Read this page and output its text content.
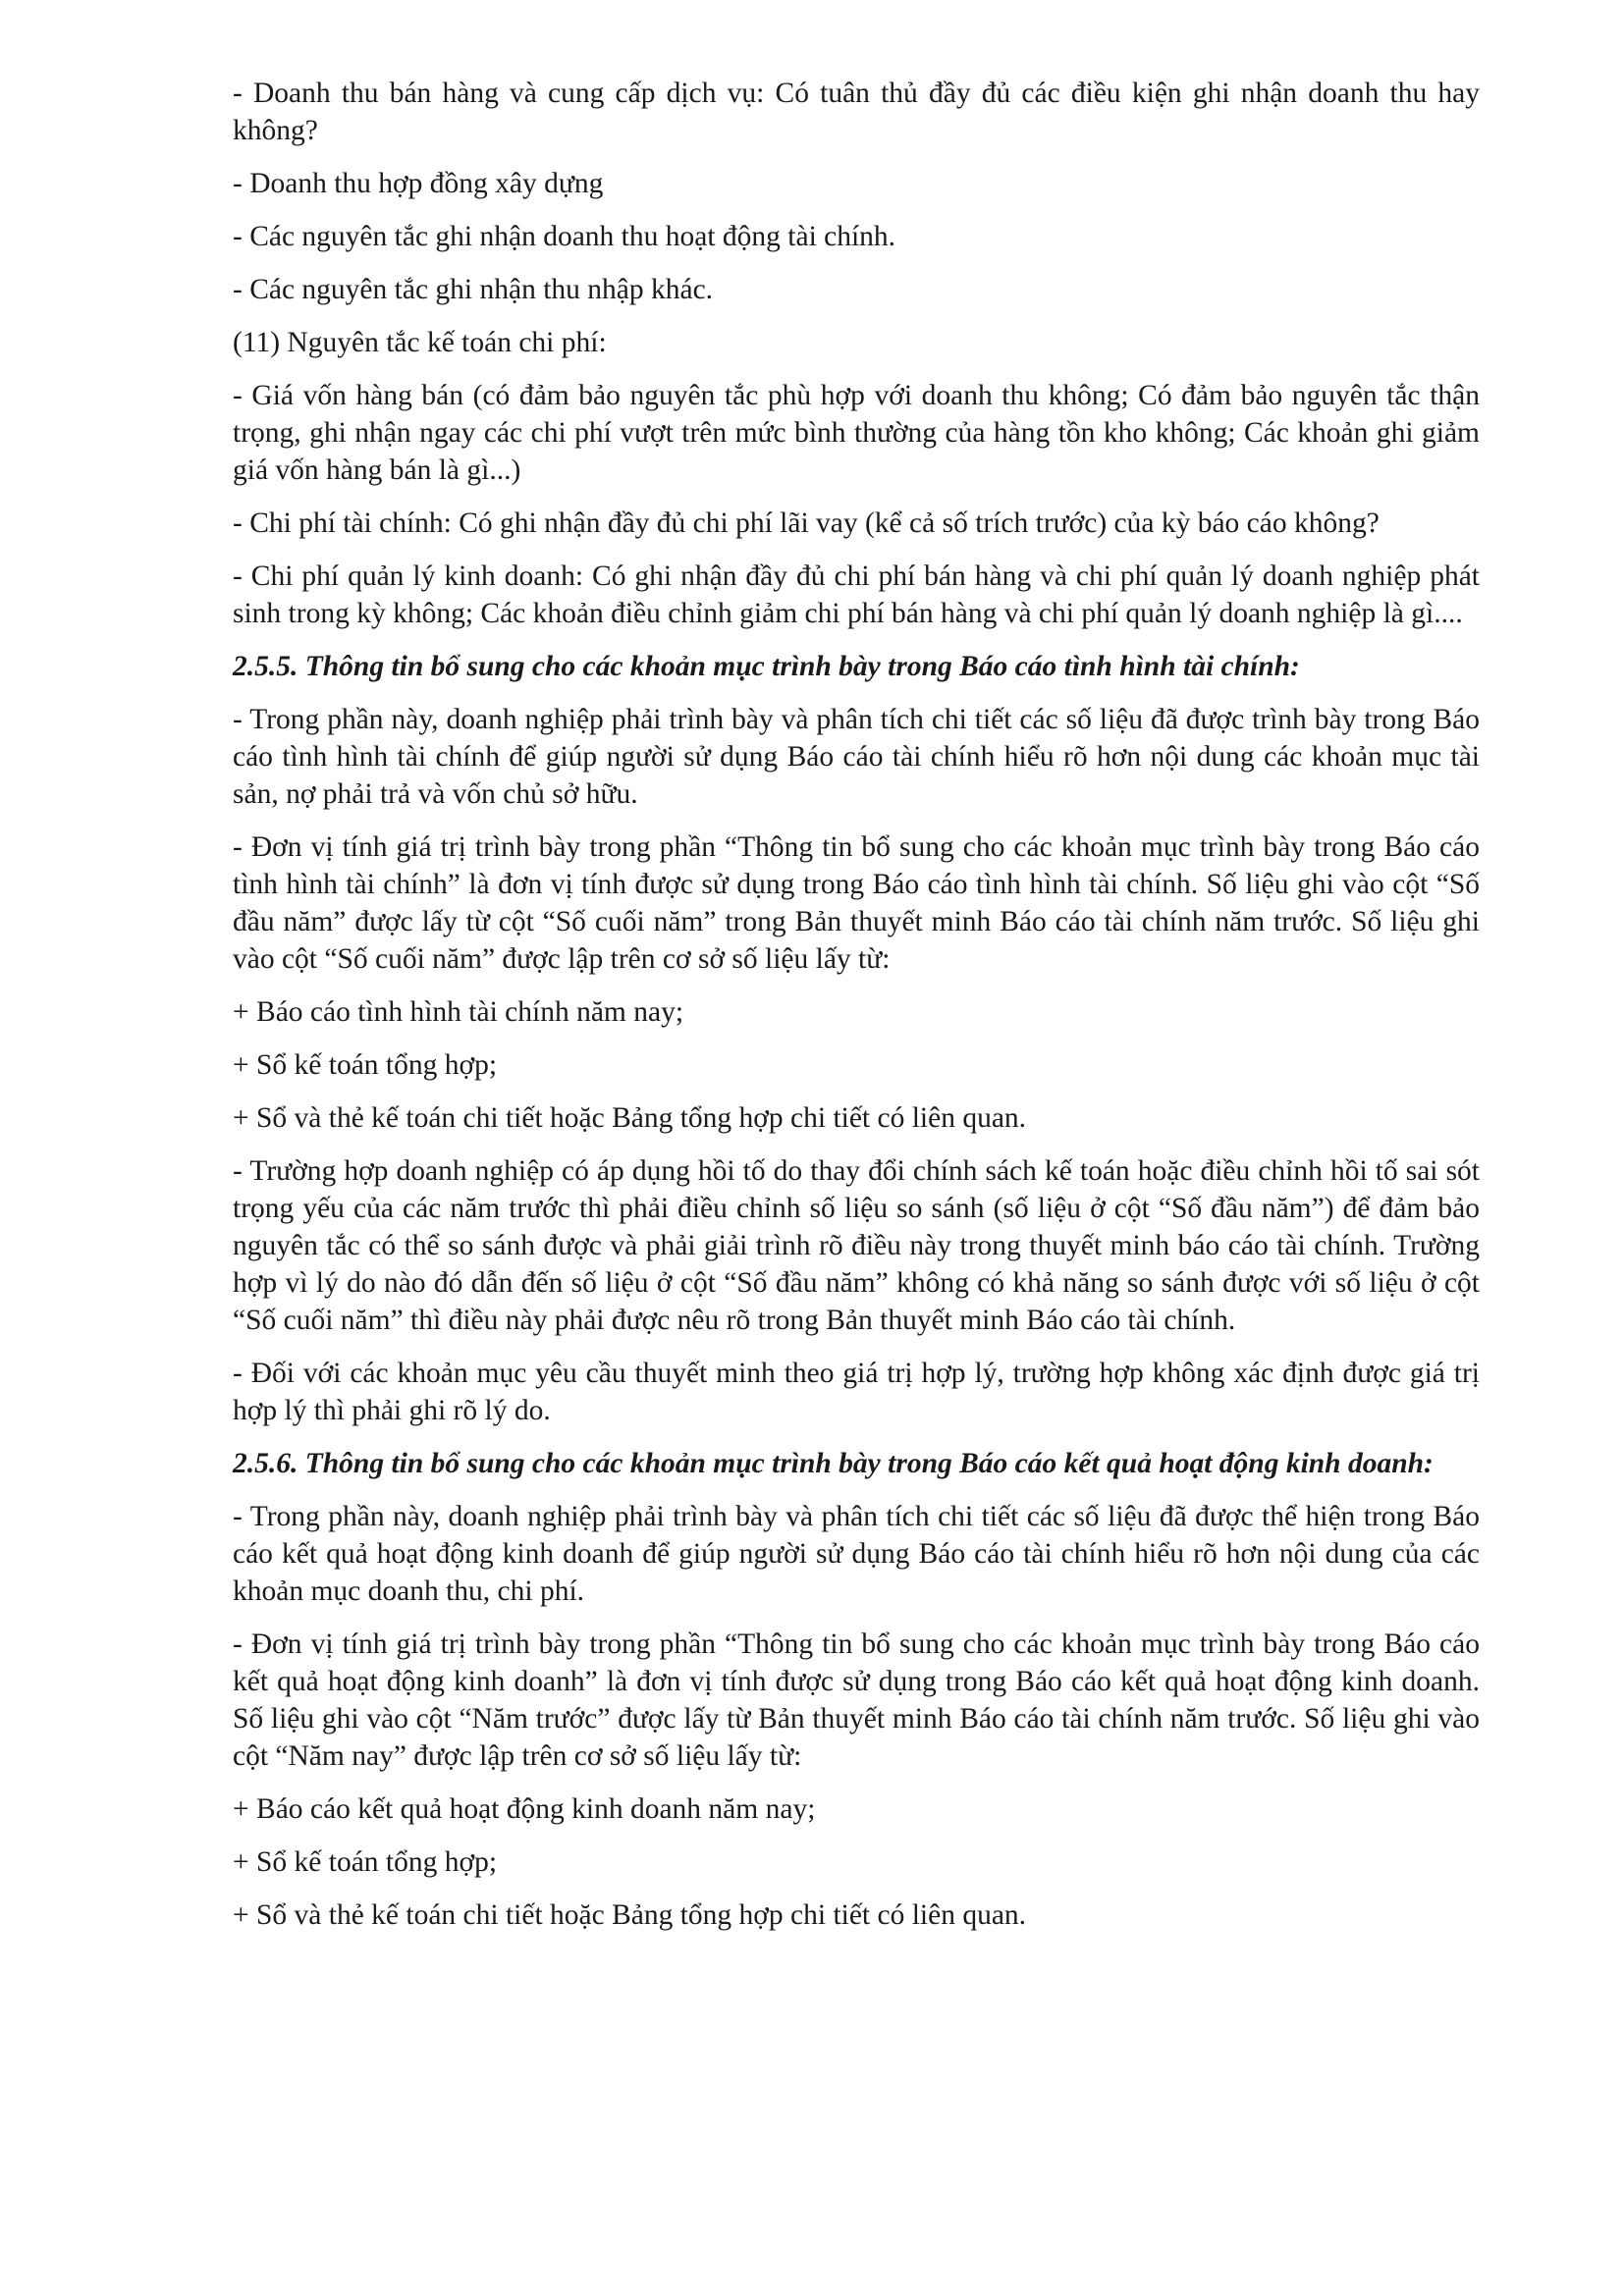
- Doanh thu bán hàng và cung cấp dịch vụ: Có tuân thủ đầy đủ các điều kiện ghi nhận doanh thu hay không?

- Doanh thu hợp đồng xây dựng

- Các nguyên tắc ghi nhận doanh thu hoạt động tài chính.

- Các nguyên tắc ghi nhận thu nhập khác.

(11) Nguyên tắc kế toán chi phí:

- Giá vốn hàng bán (có đảm bảo nguyên tắc phù hợp với doanh thu không; Có đảm bảo nguyên tắc thận trọng, ghi nhận ngay các chi phí vượt trên mức bình thường của hàng tồn kho không; Các khoản ghi giảm giá vốn hàng bán là gì...)

- Chi phí tài chính: Có ghi nhận đầy đủ chi phí lãi vay (kể cả số trích trước) của kỳ báo cáo không?

- Chi phí quản lý kinh doanh: Có ghi nhận đầy đủ chi phí bán hàng và chi phí quản lý doanh nghiệp phát sinh trong kỳ không; Các khoản điều chỉnh giảm chi phí bán hàng và chi phí quản lý doanh nghiệp là gì....

2.5.5. Thông tin bổ sung cho các khoản mục trình bày trong Báo cáo tình hình tài chính:

- Trong phần này, doanh nghiệp phải trình bày và phân tích chi tiết các số liệu đã được trình bày trong Báo cáo tình hình tài chính để giúp người sử dụng Báo cáo tài chính hiểu rõ hơn nội dung các khoản mục tài sản, nợ phải trả và vốn chủ sở hữu.

- Đơn vị tính giá trị trình bày trong phần “Thông tin bổ sung cho các khoản mục trình bày trong Báo cáo tình hình tài chính” là đơn vị tính được sử dụng trong Báo cáo tình hình tài chính. Số liệu ghi vào cột “Số đầu năm” được lấy từ cột “Số cuối năm” trong Bản thuyết minh Báo cáo tài chính năm trước. Số liệu ghi vào cột “Số cuối năm” được lập trên cơ sở số liệu lấy từ:

+ Báo cáo tình hình tài chính năm nay;

+ Sổ kế toán tổng hợp;

+ Sổ và thẻ kế toán chi tiết hoặc Bảng tổng hợp chi tiết có liên quan.

- Trường hợp doanh nghiệp có áp dụng hồi tố do thay đổi chính sách kế toán hoặc điều chỉnh hồi tố sai sót trọng yếu của các năm trước thì phải điều chỉnh số liệu so sánh (số liệu ở cột “Số đầu năm”) để đảm bảo nguyên tắc có thể so sánh được và phải giải trình rõ điều này trong thuyết minh báo cáo tài chính. Trường hợp vì lý do nào đó dẫn đến số liệu ở cột “Số đầu năm” không có khả năng so sánh được với số liệu ở cột “Số cuối năm” thì điều này phải được nêu rõ trong Bản thuyết minh Báo cáo tài chính.

- Đối với các khoản mục yêu cầu thuyết minh theo giá trị hợp lý, trường hợp không xác định được giá trị hợp lý thì phải ghi rõ lý do.

2.5.6. Thông tin bổ sung cho các khoản mục trình bày trong Báo cáo kết quả hoạt động kinh doanh:

- Trong phần này, doanh nghiệp phải trình bày và phân tích chi tiết các số liệu đã được thể hiện trong Báo cáo kết quả hoạt động kinh doanh để giúp người sử dụng Báo cáo tài chính hiểu rõ hơn nội dung của các khoản mục doanh thu, chi phí.

- Đơn vị tính giá trị trình bày trong phần “Thông tin bổ sung cho các khoản mục trình bày trong Báo cáo kết quả hoạt động kinh doanh” là đơn vị tính được sử dụng trong Báo cáo kết quả hoạt động kinh doanh. Số liệu ghi vào cột “Năm trước” được lấy từ Bản thuyết minh Báo cáo tài chính năm trước. Số liệu ghi vào cột “Năm nay” được lập trên cơ sở số liệu lấy từ:

+ Báo cáo kết quả hoạt động kinh doanh năm nay;

+ Sổ kế toán tổng hợp;

+ Sổ và thẻ kế toán chi tiết hoặc Bảng tổng hợp chi tiết có liên quan.
